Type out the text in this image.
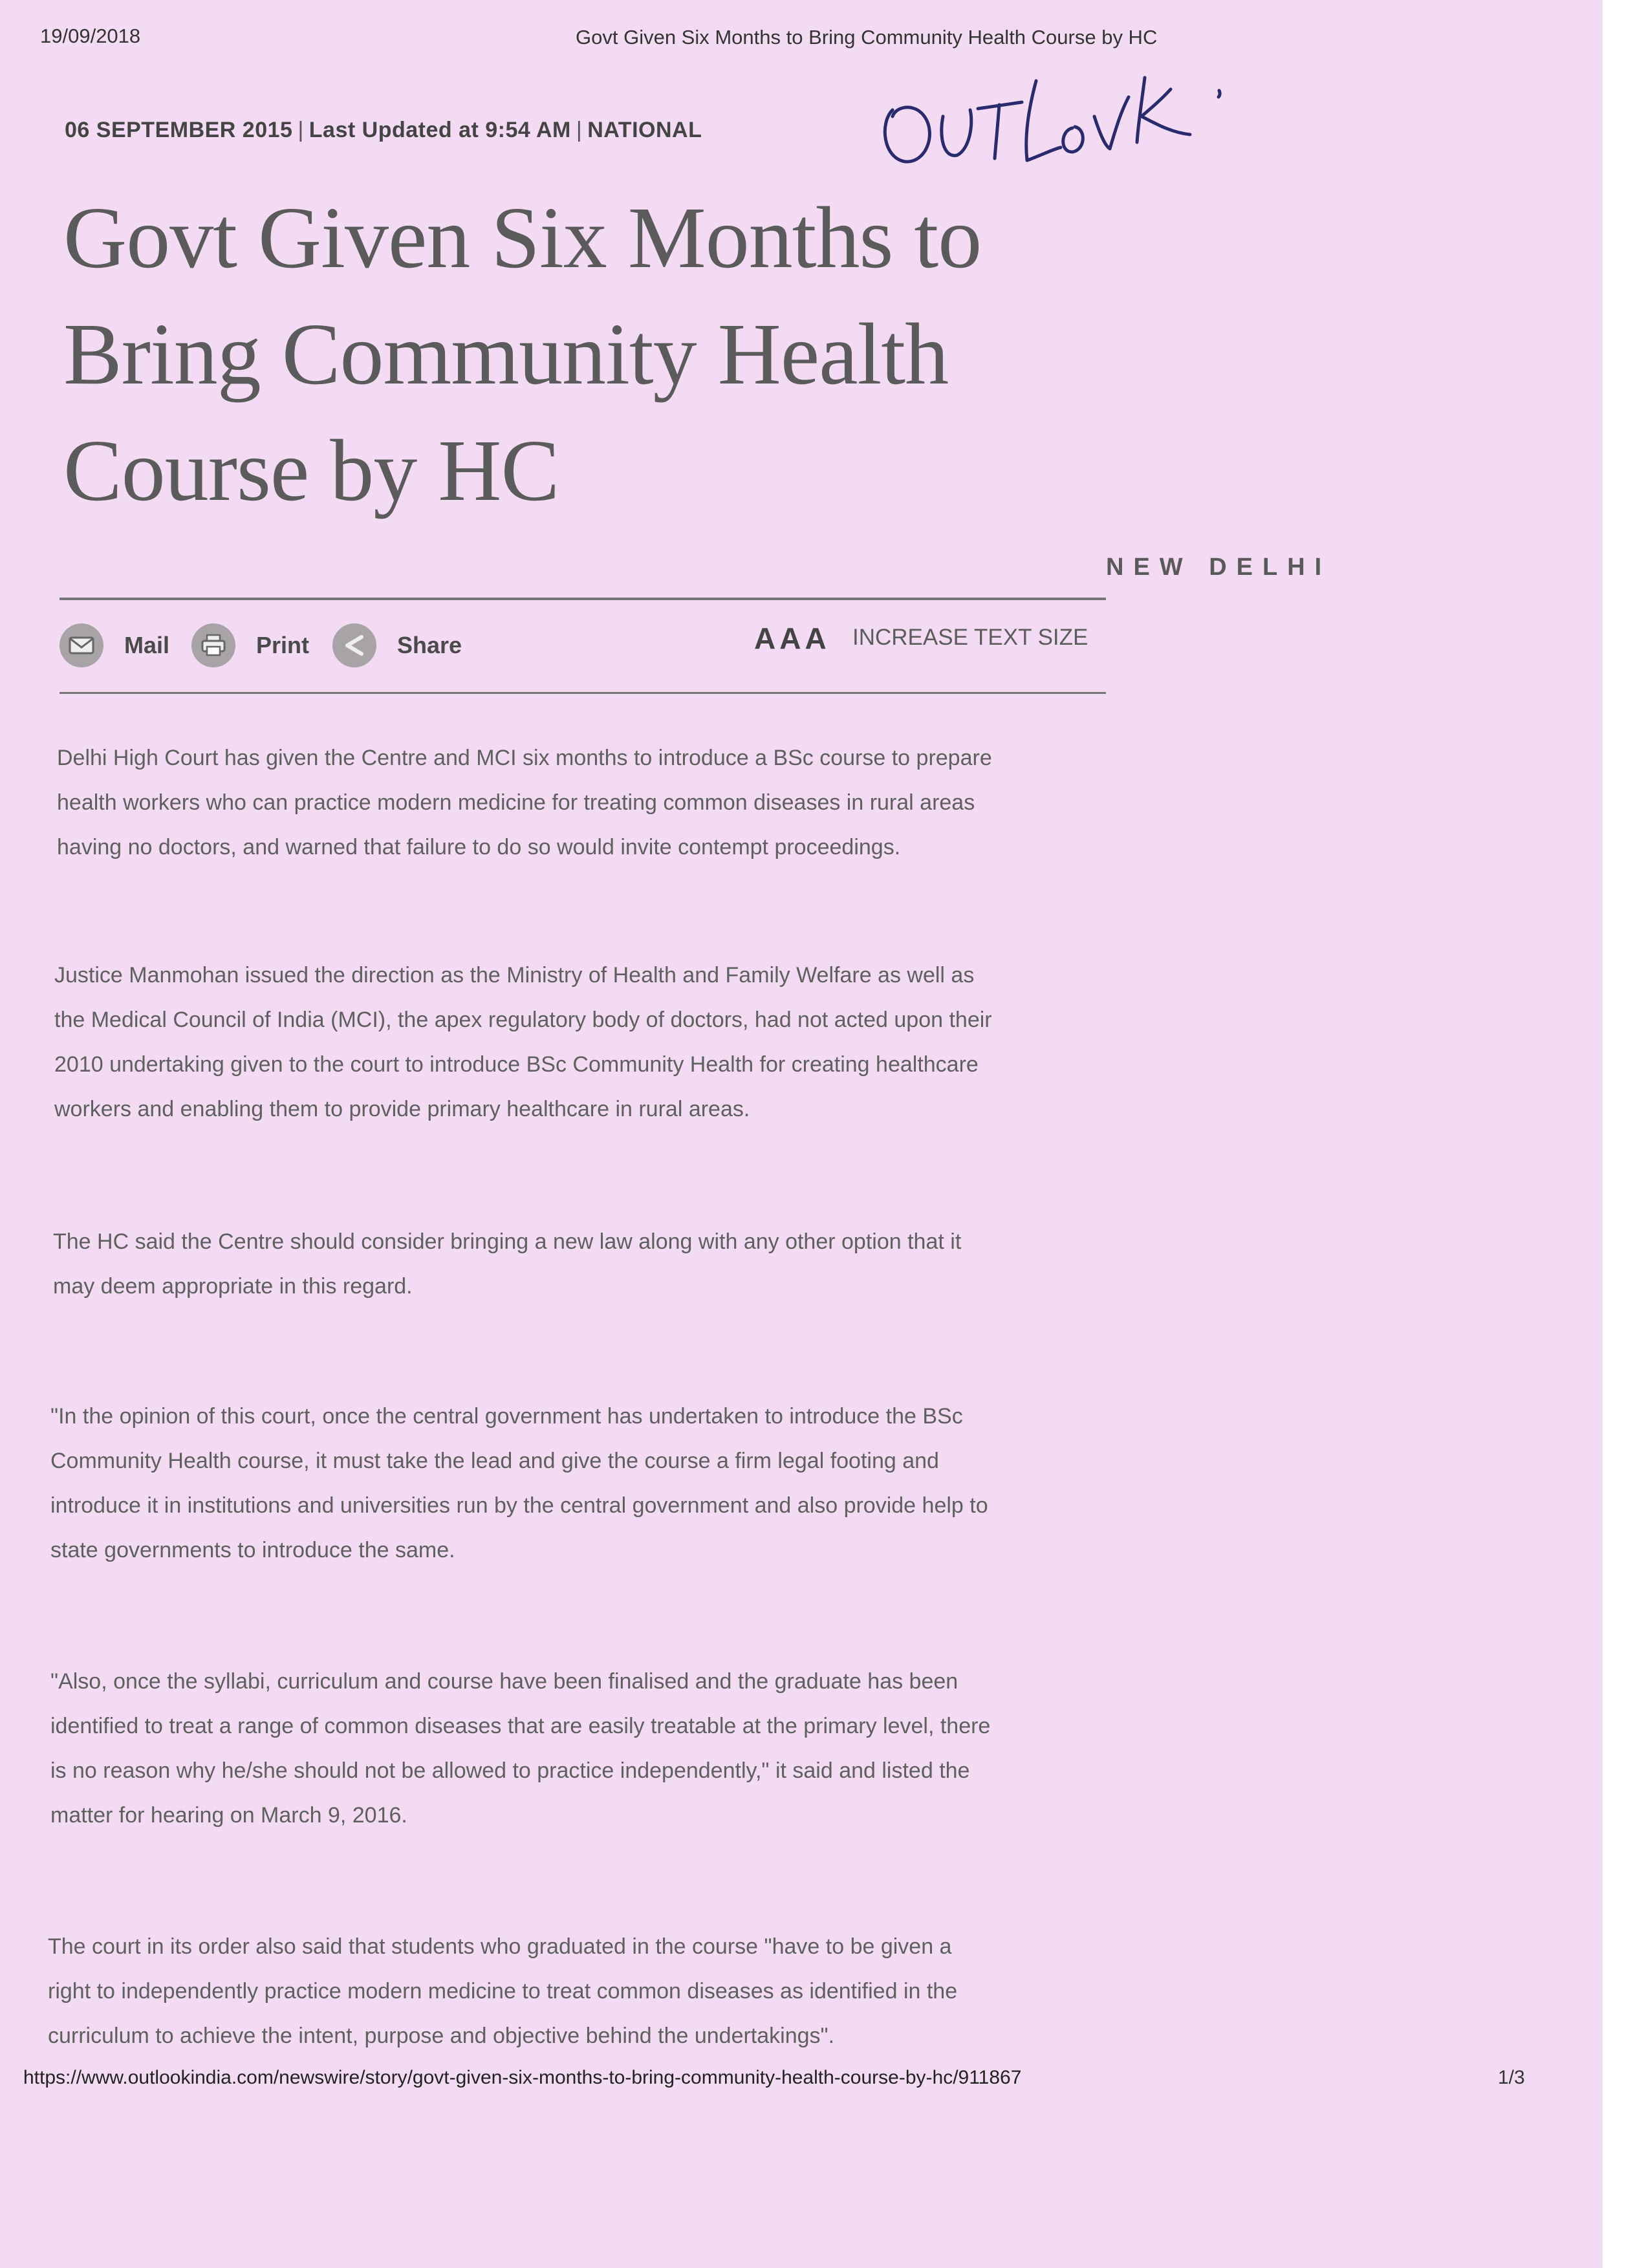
19/09/2018	Govt Given Six Months to Bring Community Health Course by HC
06 SEPTEMBER 2015 | Last Updated at 9:54 AM | NATIONAL
Govt Given Six Months to
Bring Community Health
Course by HC
NEW DELHI
Mail	Print	Share	AAA INCREASE TEXT SIZE

Delhi High Court has given the Centre and MCI six months to introduce a BSc course to prepare
health workers who can practice modern medicine for treating common diseases in rural areas
having no doctors, and warned that failure to do so would invite contempt proceedings.

Justice Manmohan issued the direction as the Ministry of Health and Family Welfare as well as
the Medical Council of India (MCI), the apex regulatory body of doctors, had not acted upon their
2010 undertaking given to the court to introduce BSc Community Health for creating healthcare
workers and enabling them to provide primary healthcare in rural areas.

The HC said the Centre should consider bringing a new law along with any other option that it
may deem appropriate in this regard.

"In the opinion of this court, once the central government has undertaken to introduce the BSc
Community Health course, it must take the lead and give the course a firm legal footing and
introduce it in institutions and universities run by the central government and also provide help to
state governments to introduce the same.

"Also, once the syllabi, curriculum and course have been finalised and the graduate has been
identified to treat a range of common diseases that are easily treatable at the primary level, there
is no reason why he/she should not be allowed to practice independently," it said and listed the
matter for hearing on March 9, 2016.

The court in its order also said that students who graduated in the course "have to be given a
right to independently practice modern medicine to treat common diseases as identified in the
curriculum to achieve the intent, purpose and objective behind the undertakings".

https://www.outlookindia.com/newswire/story/govt-given-six-months-to-bring-community-health-course-by-hc/911867	1/3
